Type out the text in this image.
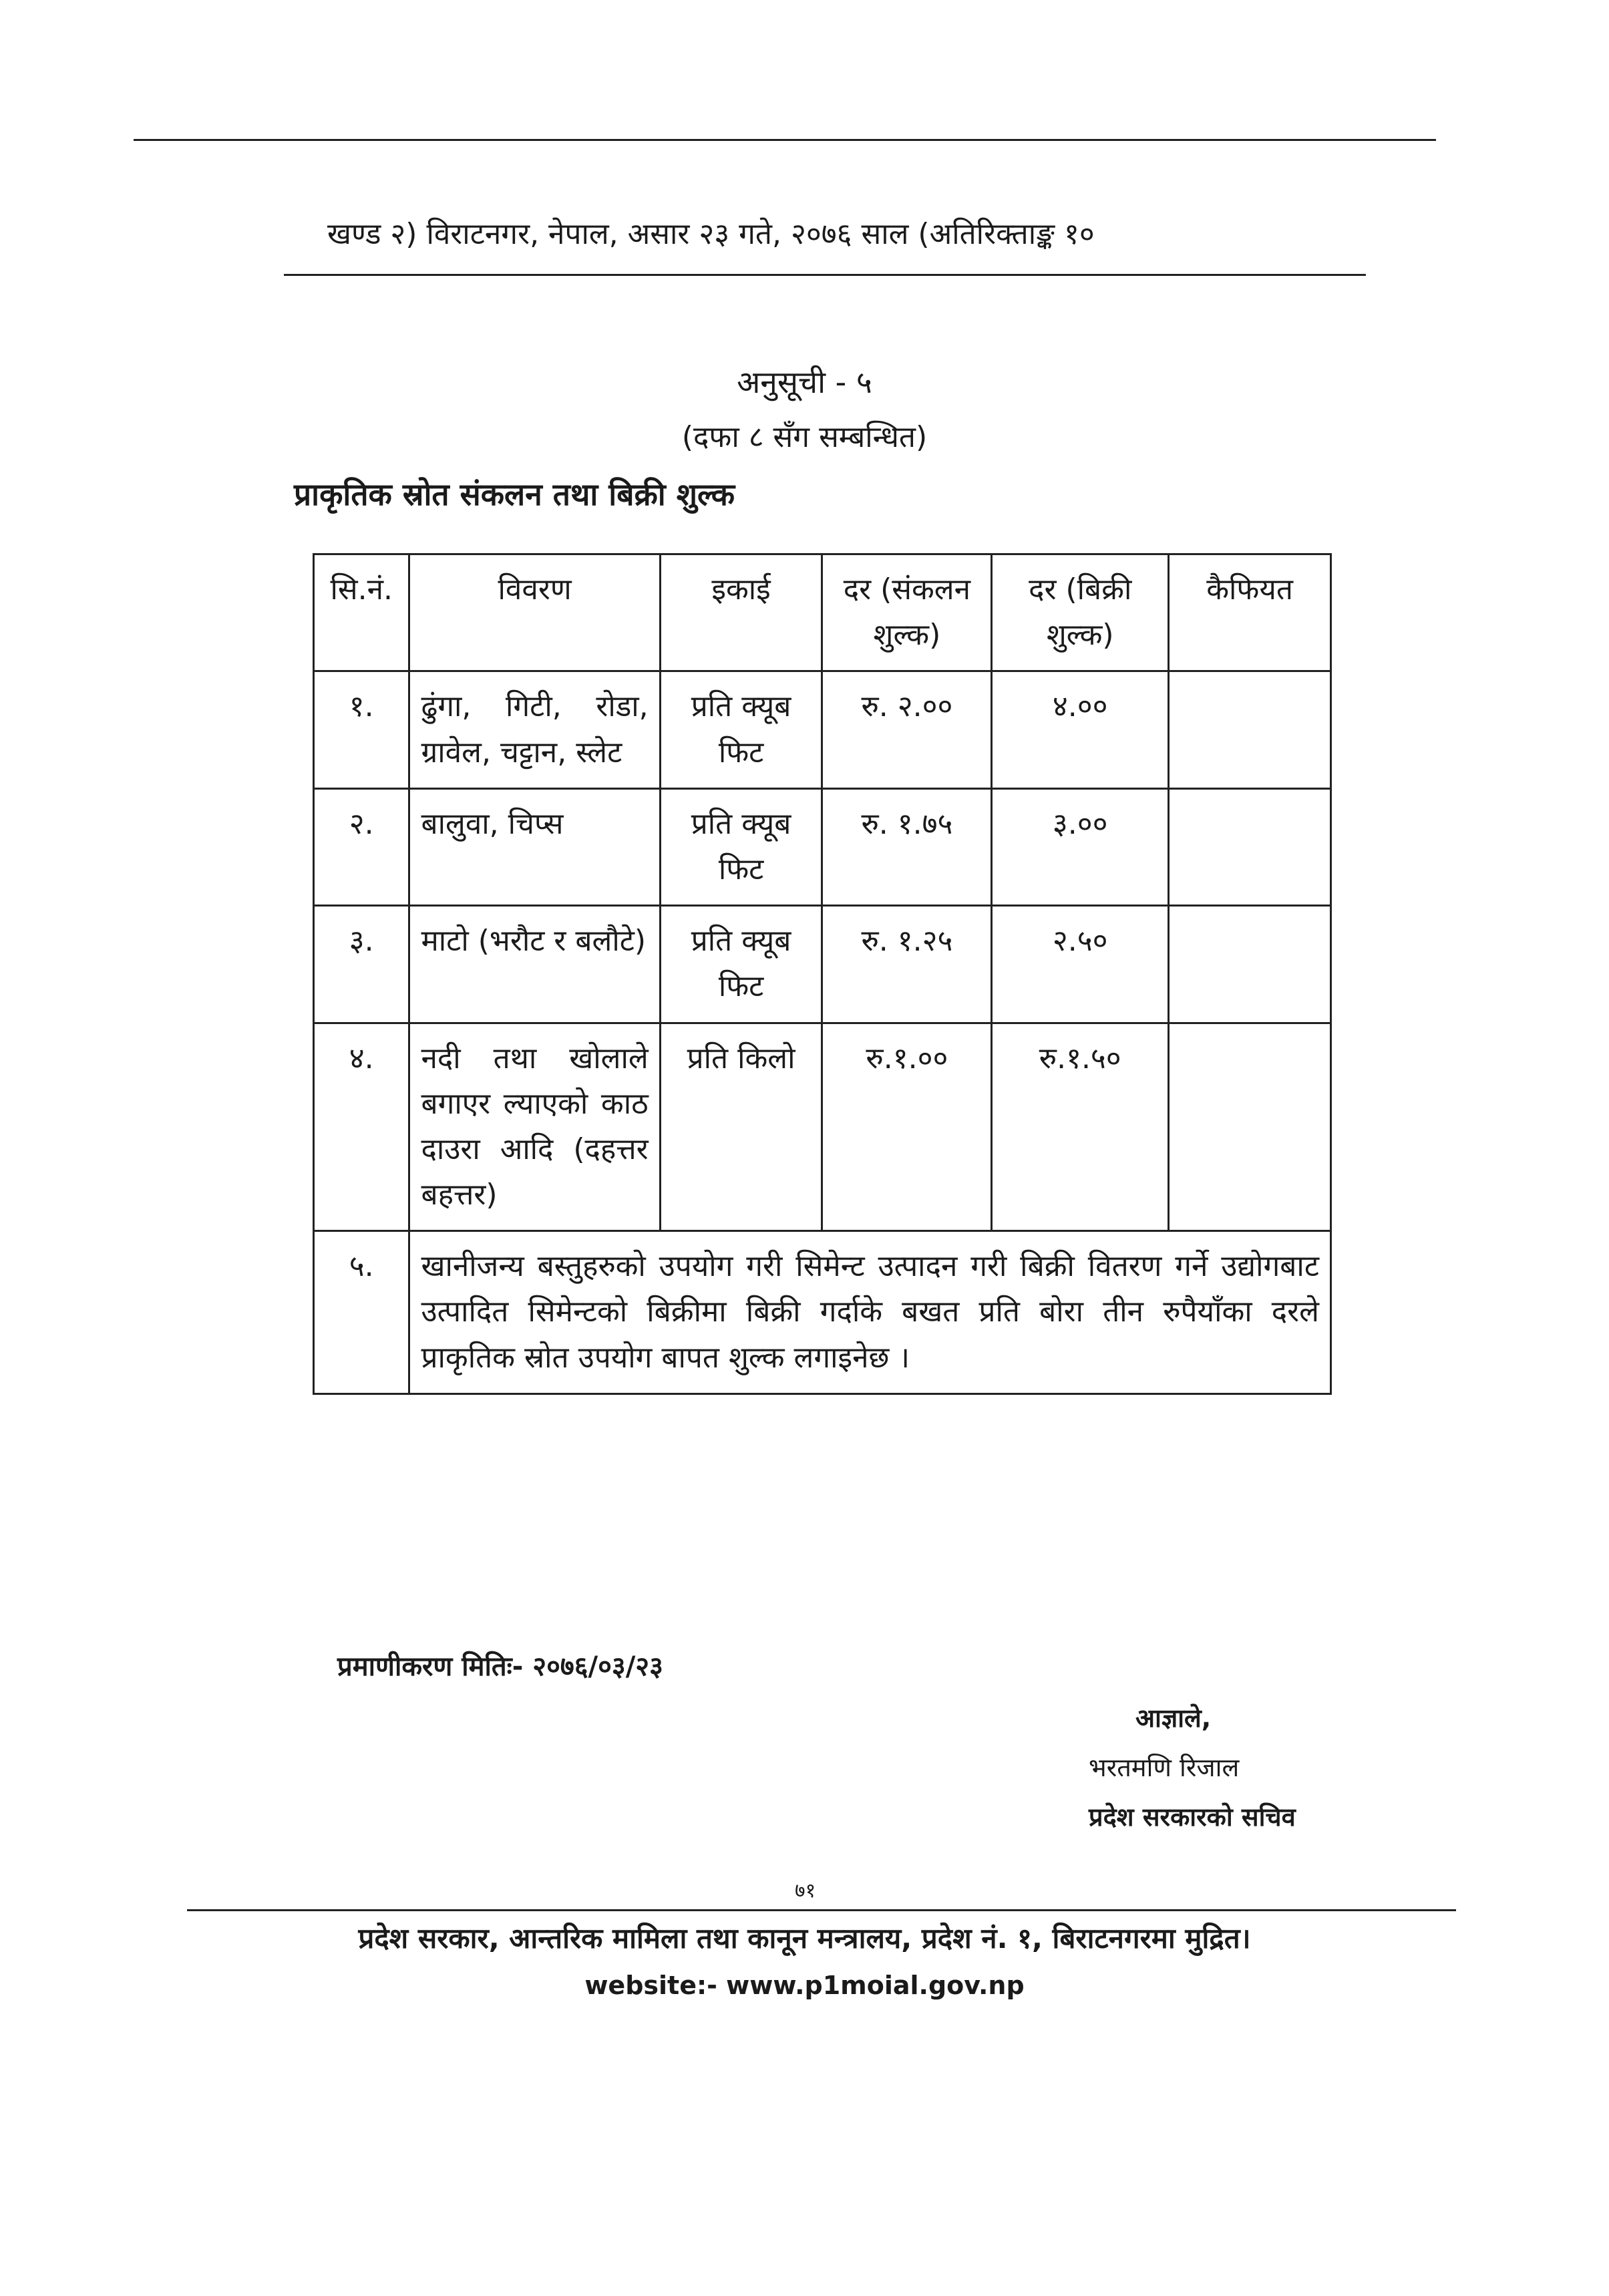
खण्ड २) विराटनगर, नेपाल, असार २३ गते, २०७६ साल (अतिरिक्ताङ्क १०
अनुसूची - ५
(दफा ८ सँग सम्बन्धित)
प्राकृतिक स्रोत संकलन तथा बिक्री शुल्क
सि.नं.	विवरण	इकाई	दर (संकलन शुल्क)	दर (बिक्री शुल्क)	कैफियत
१.	ढुंगा, गिटी, रोडा, ग्रावेल, चट्टान, स्लेट	प्रति क्यूब फिट	रु. २.००	४.००	
२.	बालुवा, चिप्स	प्रति क्यूब फिट	रु. १.७५	३.००	
३.	माटो (भरौट र बलौटे)	प्रति क्यूब फिट	रु. १.२५	२.५०	
४.	नदी तथा खोलाले बगाएर ल्याएको काठ दाउरा आदि (दहत्तर बहत्तर)	प्रति किलो	रु.१.००	रु.१.५०	
५.	खानीजन्य बस्तुहरुको उपयोग गरी सिमेन्ट उत्पादन गरी बिक्री वितरण गर्ने उद्योगबाट उत्पादित सिमेन्टको बिक्रीमा बिक्री गर्दाके बखत प्रति बोरा तीन रुपैयाँका दरले प्राकृतिक स्रोत उपयोग बापत शुल्क लगाइनेछ ।				
प्रमाणीकरण मितिः- २०७६/०३/२३
आज्ञाले,
भरतमणि रिजाल
प्रदेश सरकारको सचिव
७१
प्रदेश सरकार, आन्तरिक मामिला तथा कानून मन्त्रालय, प्रदेश नं. १, बिराटनगरमा मुद्रित।
website:- www.p1moial.gov.np
